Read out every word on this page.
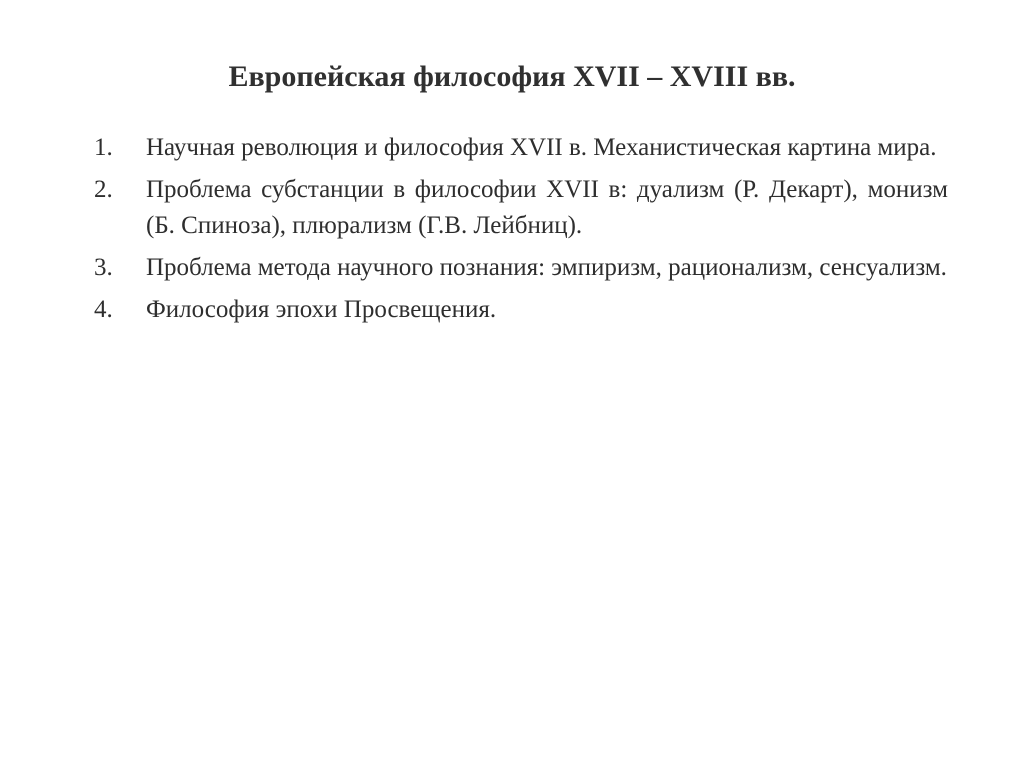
Европейская философия XVII – XVIII вв.
1.	Научная революция и философия XVII в. Механистическая картина мира.
2.	Проблема субстанции в философии XVII в: дуализм (Р. Декарт), монизм (Б. Спиноза), плюрализм (Г.В. Лейбниц).
3.	Проблема метода научного познания: эмпиризм, рационализм, сенсуализм.
4.	Философия эпохи Просвещения.
